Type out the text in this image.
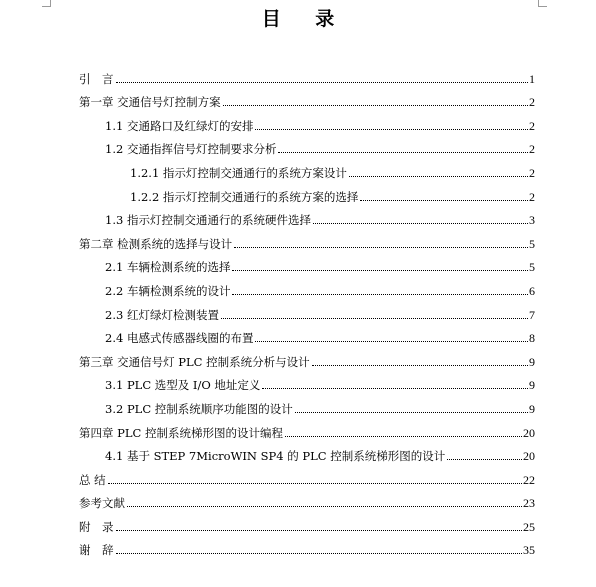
目 录
引　言	1
第一章 交通信号灯控制方案	2
1.1 交通路口及红绿灯的安排	2
1.2 交通指挥信号灯控制要求分析	2
1.2.1 指示灯控制交通通行的系统方案设计	2
1.2.2 指示灯控制交通通行的系统方案的选择	2
1.3 指示灯控制交通通行的系统硬件选择	3
第二章 检测系统的选择与设计	5
2.1 车辆检测系统的选择	5
2.2 车辆检测系统的设计	6
2.3 红灯绿灯检测装置	7
2.4 电感式传感器线圈的布置	8
第三章 交通信号灯 PLC 控制系统分析与设计	9
3.1 PLC 选型及 I/O 地址定义	9
3.2 PLC 控制系统顺序功能图的设计	9
第四章 PLC 控制系统梯形图的设计编程	20
4.1 基于 STEP 7MicroWIN SP4 的 PLC 控制系统梯形图的设计	20
总 结	22
参考文献	23
附　录	25
谢　辞	35
